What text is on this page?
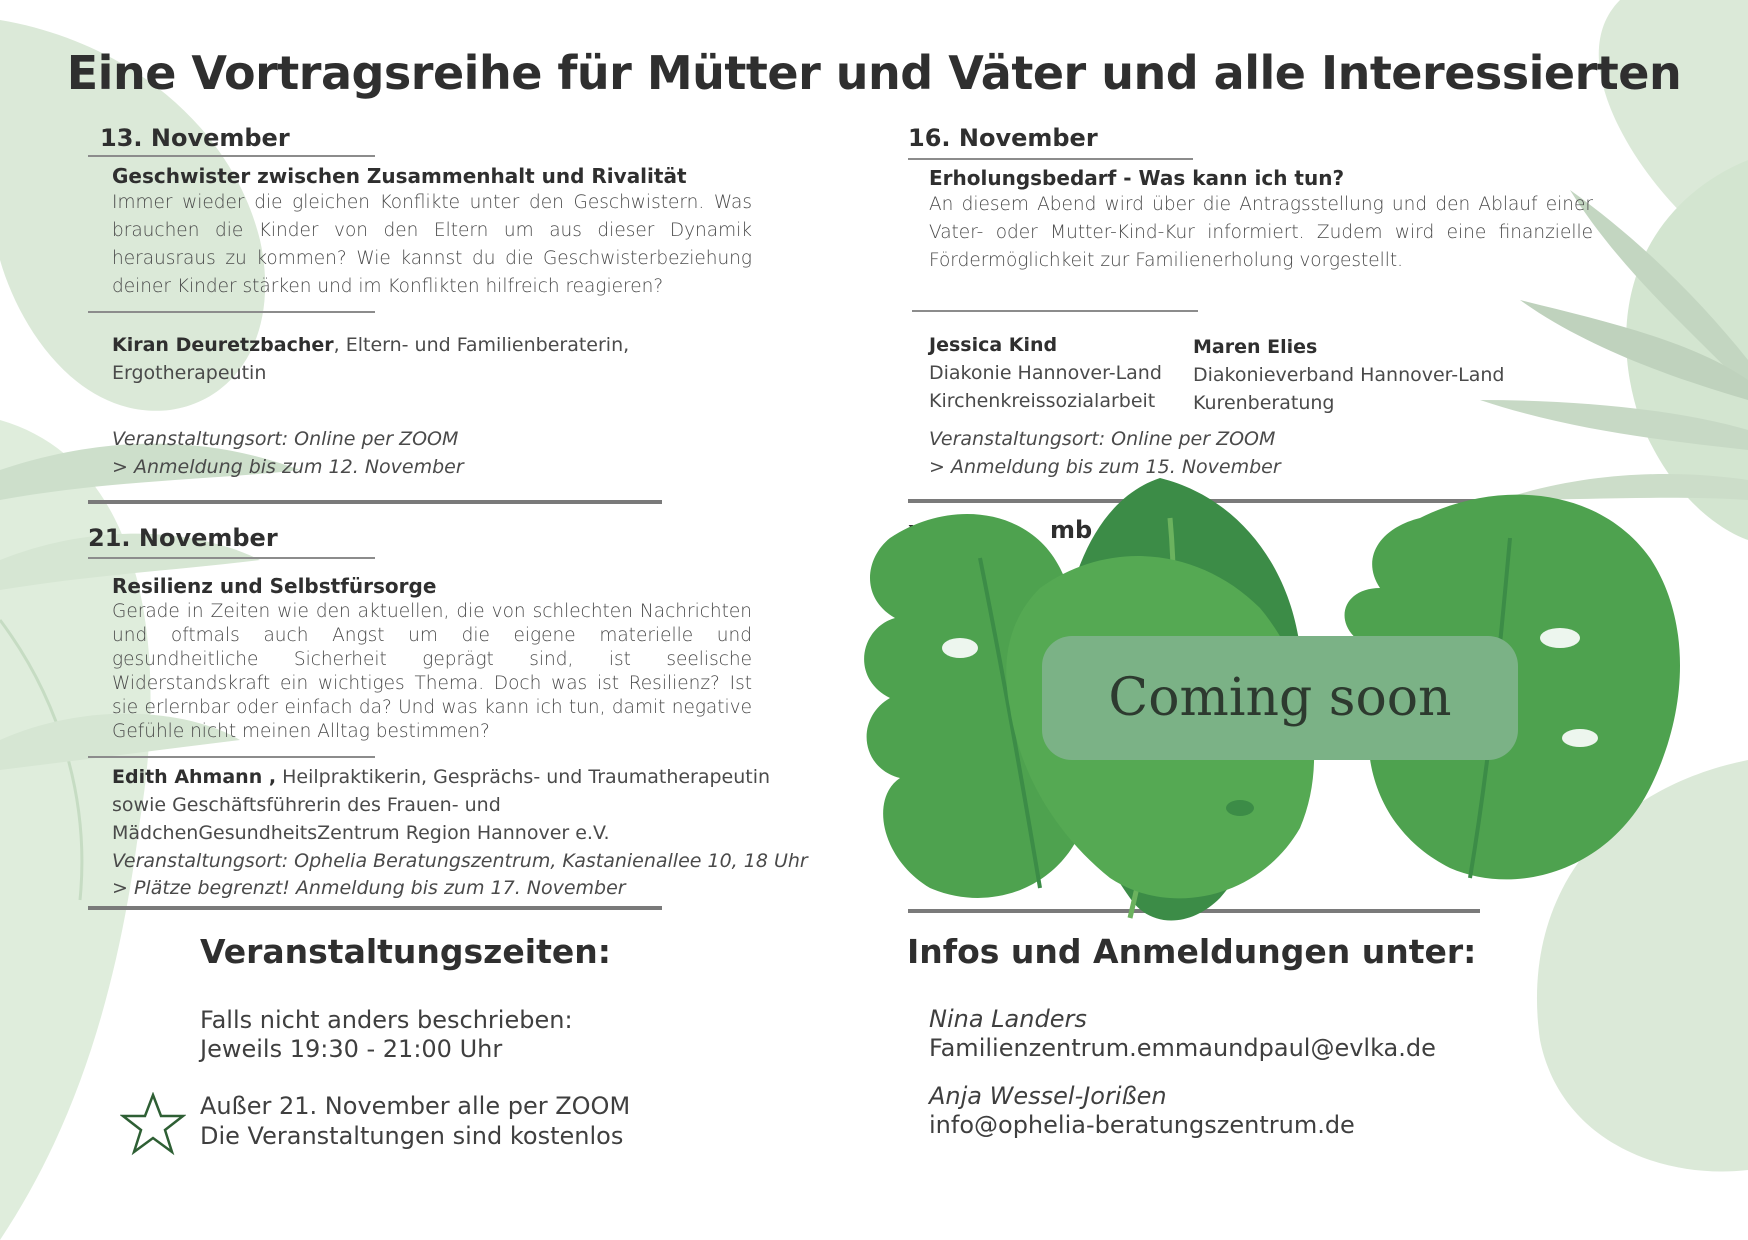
Eine Vortragsreihe für Mütter und Väter und alle Interessierten
13. November
Geschwister zwischen Zusammenhalt und Rivalität
Immer wieder die gleichen Konflikte unter den Geschwistern. Was brauchen die Kinder von den Eltern um aus dieser Dynamik herausraus zu kommen? Wie kannst du die Geschwisterbeziehung deiner Kinder stärken und im Konflikten hilfreich reagieren?
Kiran Deuretzbacher, Eltern- und Familienberaterin,
Ergotherapeutin
Veranstaltungsort: Online per ZOOM
> Anmeldung bis zum 12. November
21. November
Resilienz und Selbstfürsorge
Gerade in Zeiten wie den aktuellen, die von schlechten Nachrichten und oftmals auch Angst um die eigene materielle und gesundheitliche Sicherheit geprägt sind, ist seelische Widerstandskraft ein wichtiges Thema. Doch was ist Resilienz? Ist sie erlernbar oder einfach da? Und was kann ich tun, damit negative Gefühle nicht meinen Alltag bestimmen?
Edith Ahmann , Heilpraktikerin, Gesprächs- und Traumatherapeutin
sowie Geschäftsführerin des Frauen- und
MädchenGesundheitsZentrum Region Hannover e.V.
Veranstaltungsort: Ophelia Beratungszentrum, Kastanienallee 10, 18 Uhr
> Plätze begrenzt! Anmeldung bis zum 17. November
16. November
Erholungsbedarf - Was kann ich tun?
An diesem Abend wird über die Antragsstellung und den Ablauf einer Vater- oder Mutter-Kind-Kur informiert. Zudem wird eine finanzielle Fördermöglichkeit zur Familienerholung vorgestellt.
Jessica Kind
Diakonie Hannover-Land
Kirchenkreissozialarbeit
Maren Elies
Diakonieverband Hannover-Land
Kurenberatung
Veranstaltungsort: Online per ZOOM
> Anmeldung bis zum 15. November
mb
Coming soon
Veranstaltungszeiten:
Falls nicht anders beschrieben:
Jeweils 19:30 - 21:00 Uhr
Außer 21. November alle per ZOOM
Die Veranstaltungen sind kostenlos
Infos und Anmeldungen unter:
Nina Landers
Familienzentrum.emmaundpaul@evlka.de
Anja Wessel-Jorißen
info@ophelia-beratungszentrum.de
